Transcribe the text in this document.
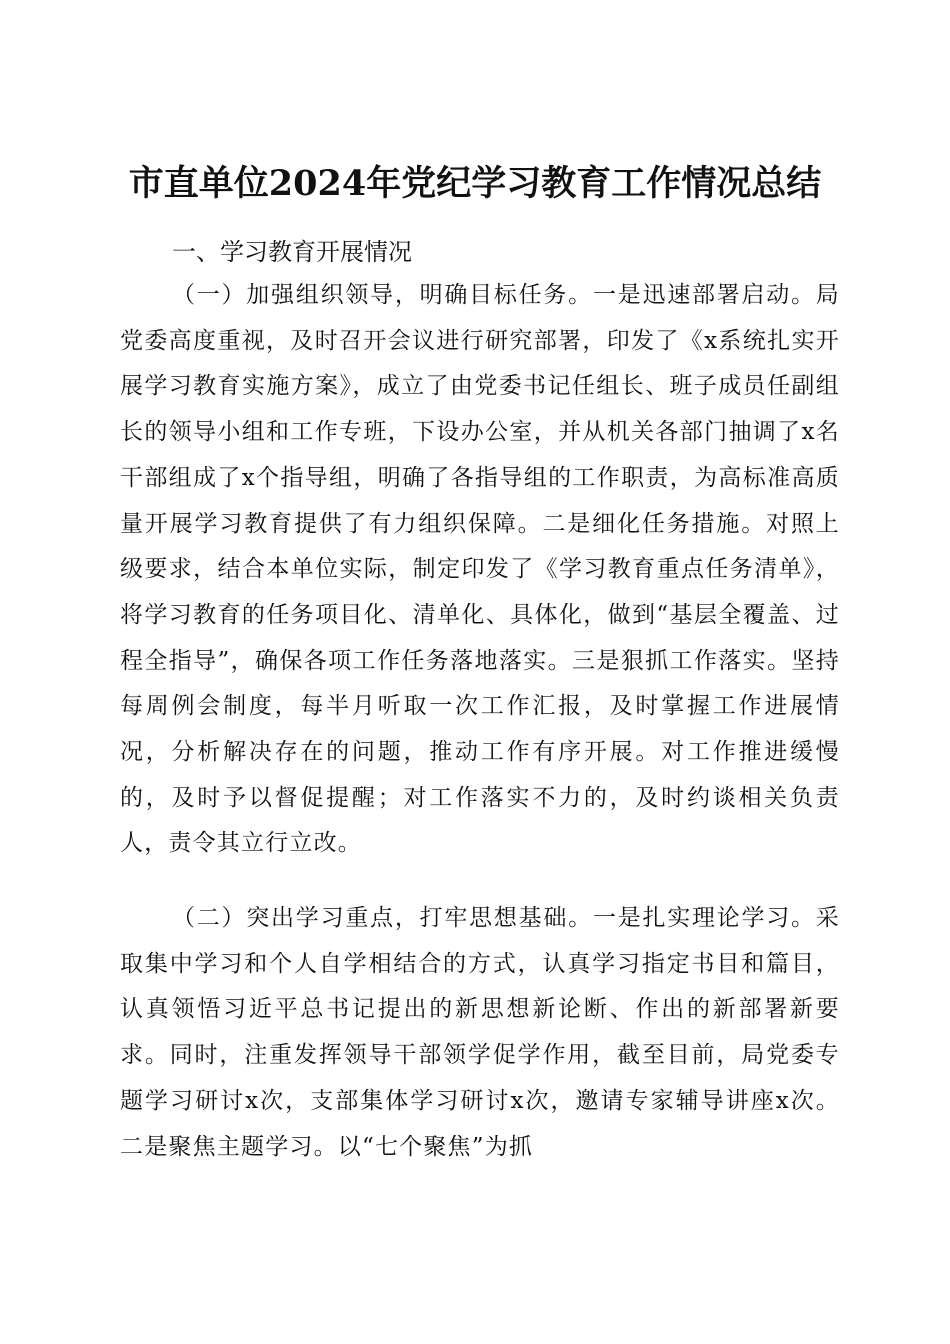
市直单位2024年党纪学习教育工作情况总结
一、学习教育开展情况

（一）加强组织领导，明确目标任务。一是迅速部署启动。局党委高度重视，及时召开会议进行研究部署，印发了《x系统扎实开展学习教育实施方案》，成立了由党委书记任组长、班子成员任副组长的领导小组和工作专班，下设办公室，并从机关各部门抽调了x名干部组成了x个指导组，明确了各指导组的工作职责，为高标准高质量开展学习教育提供了有力组织保障。二是细化任务措施。对照上级要求，结合本单位实际，制定印发了《学习教育重点任务清单》，将学习教育的任务项目化、清单化、具体化，做到“基层全覆盖、过程全指导”，确保各项工作任务落地落实。三是狠抓工作落实。坚持每周例会制度，每半月听取一次工作汇报，及时掌握工作进展情况，分析解决存在的问题，推动工作有序开展。对工作推进缓慢的，及时予以督促提醒；对工作落实不力的，及时约谈相关负责人，责令其立行立改。

（二）突出学习重点，打牢思想基础。一是扎实理论学习。采取集中学习和个人自学相结合的方式，认真学习指定书目和篇目，认真领悟习近平总书记提出的新思想新论断、作出的新部署新要求。同时，注重发挥领导干部领学促学作用，截至目前，局党委专题学习研讨x次，支部集体学习研讨x次，邀请专家辅导讲座x次。二是聚焦主题学习。以“七个聚焦”为抓
